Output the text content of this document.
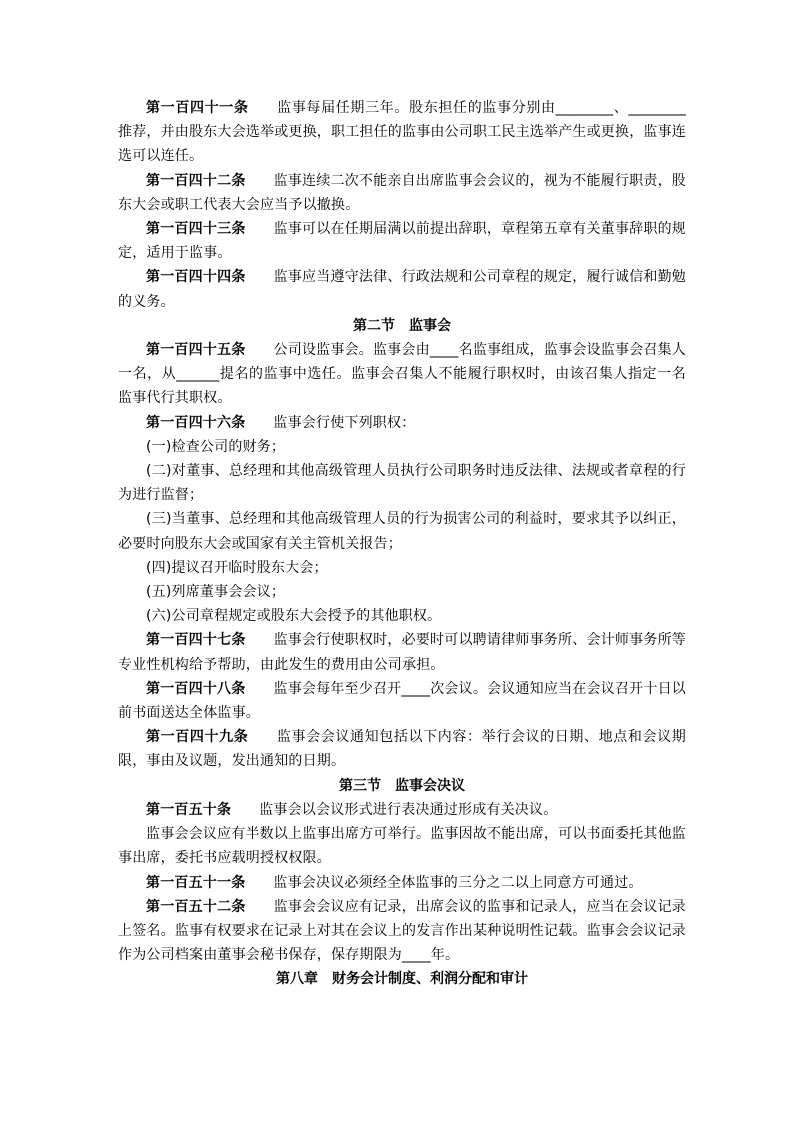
第一百四十一条 监事每届任期三年。股东担任的监事分别由________、________推荐，并由股东大会选举或更换，职工担任的监事由公司职工民主选举产生或更换，监事连选可以连任。

第一百四十二条 监事连续二次不能亲自出席监事会会议的，视为不能履行职责，股东大会或职工代表大会应当予以撤换。

第一百四十三条 监事可以在任期届满以前提出辞职，章程第五章有关董事辞职的规定，适用于监事。

第一百四十四条 监事应当遵守法律、行政法规和公司章程的规定，履行诚信和勤勉的义务。

第二节　监事会

第一百四十五条 公司设监事会。监事会由____名监事组成，监事会设监事会召集人一名，从______提名的监事中选任。监事会召集人不能履行职权时，由该召集人指定一名监事代行其职权。

第一百四十六条 监事会行使下列职权：

(一)检查公司的财务；

(二)对董事、总经理和其他高级管理人员执行公司职务时违反法律、法规或者章程的行为进行监督；

(三)当董事、总经理和其他高级管理人员的行为损害公司的利益时，要求其予以纠正，必要时向股东大会或国家有关主管机关报告；

(四)提议召开临时股东大会；

(五)列席董事会会议；

(六)公司章程规定或股东大会授予的其他职权。

第一百四十七条 监事会行使职权时，必要时可以聘请律师事务所、会计师事务所等专业性机构给予帮助，由此发生的费用由公司承担。

第一百四十八条 监事会每年至少召开____次会议。会议通知应当在会议召开十日以前书面送达全体监事。

第一百四十九条 监事会会议通知包括以下内容：举行会议的日期、地点和会议期限，事由及议题，发出通知的日期。

第三节　监事会决议

第一百五十条 监事会以会议形式进行表决通过形成有关决议。

监事会会议应有半数以上监事出席方可举行。监事因故不能出席，可以书面委托其他监事出席，委托书应载明授权权限。

第一百五十一条 监事会决议必须经全体监事的三分之二以上同意方可通过。

第一百五十二条 监事会会议应有记录，出席会议的监事和记录人，应当在会议记录上签名。监事有权要求在记录上对其在会议上的发言作出某种说明性记载。监事会会议记录作为公司档案由董事会秘书保存，保存期限为____年。

第八章　财务会计制度、利润分配和审计
